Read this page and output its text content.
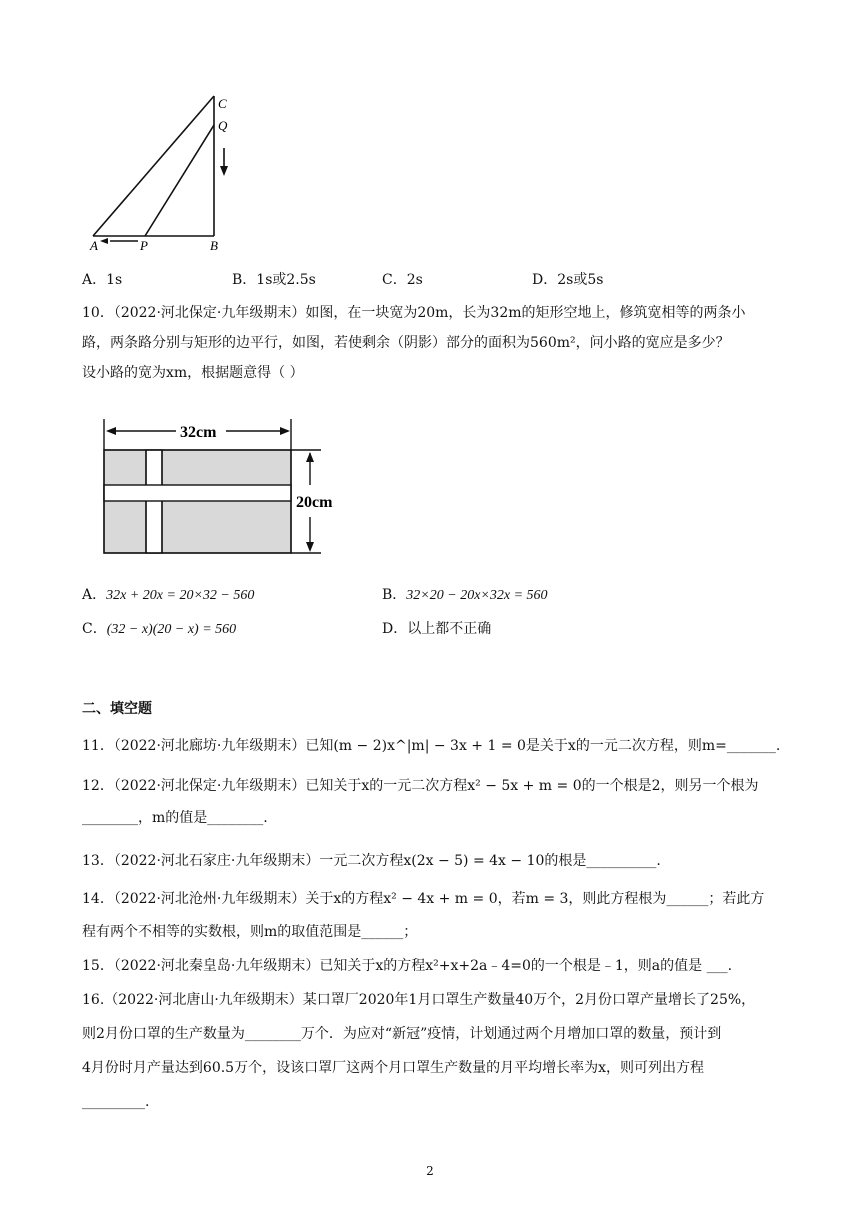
C
Q
A	P	B
A．1s	B．1s或2.5s	C．2s	D．2s或5s
10．（2022·河北保定·九年级期末）如图，在一块宽为20m，长为32m的矩形空地上，修筑宽相等的两条小
路，两条路分别与矩形的边平行，如图，若使剩余（阴影）部分的面积为560m²，问小路的宽应是多少？
设小路的宽为xm，根据题意得（ ）
32cm
20cm
A．32x + 20x = 20×32 − 560	B．32×20 − 20x×32x = 560
C．(32 − x)(20 − x) = 560	D．以上都不正确
二、填空题
11．（2022·河北廊坊·九年级期末）已知(m − 2)x^|m| − 3x + 1 = 0是关于x的一元二次方程，则m=_______.
12．（2022·河北保定·九年级期末）已知关于x的一元二次方程x² − 5x + m = 0的一个根是2，则另一个根为
________，m的值是________.
13．（2022·河北石家庄·九年级期末）一元二次方程x(2x − 5) = 4x − 10的根是__________.
14．（2022·河北沧州·九年级期末）关于x的方程x² − 4x + m = 0，若m = 3，则此方程根为______；若此方
程有两个不相等的实数根，则m的取值范围是______；
15．（2022·河北秦皇岛·九年级期末）已知关于x的方程x²+x+2a﹣4=0的一个根是﹣1，则a的值是 ___.
16.（2022·河北唐山·九年级期末）某口罩厂2020年1月口罩生产数量40万个，2月份口罩产量增长了25%，
则2月份口罩的生产数量为________万个．为应对“新冠”疫情，计划通过两个月增加口罩的数量，预计到
4月份时月产量达到60.5万个，设该口罩厂这两个月口罩生产数量的月平均增长率为x，则可列出方程
_________.
2
